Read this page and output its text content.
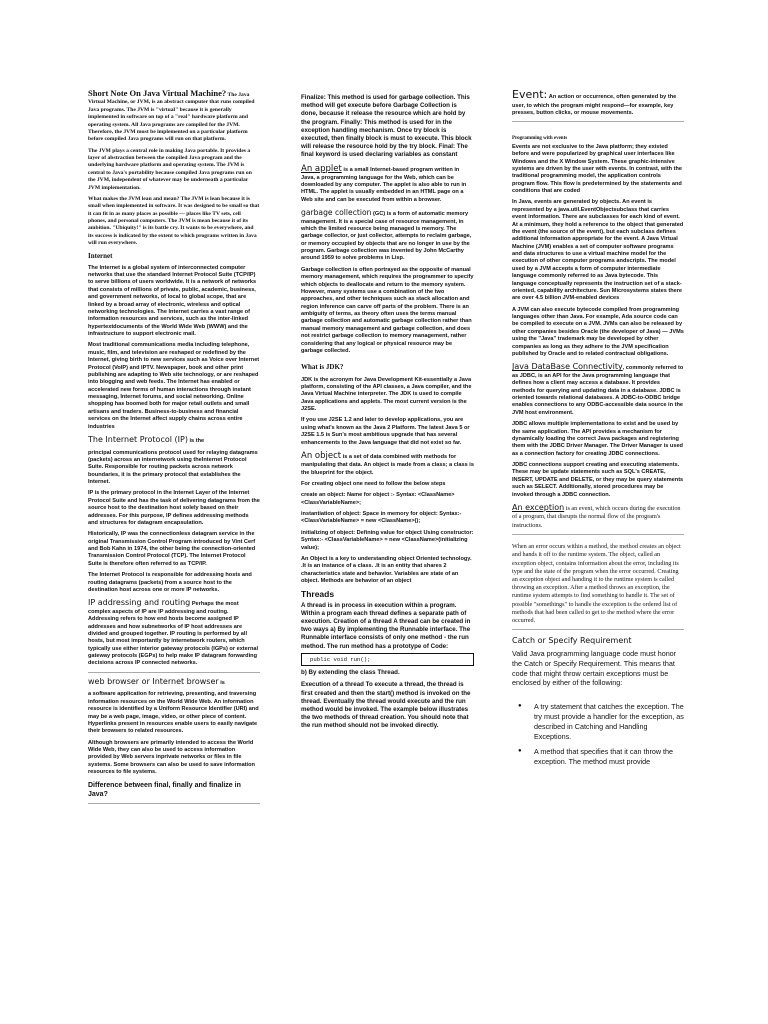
Short Note On Java Virtual Machine? The Java Virtual Machine, or JVM, is an abstract computer that runs compiled Java programs. The JVM is "virtual" because it is generally implemented in software on top of a "real" hardware platform and operating system. All Java programs are compiled for the JVM. Therefore, the JVM must be implemented on a particular platform before compiled Java programs will run on that platform.

The JVM plays a central role in making Java portable. It provides a layer of abstraction between the compiled Java program and the underlying hardware platform and operating system. The JVM is central to Java's portability because compiled Java programs run on the JVM, independent of whatever may be underneath a particular JVM implementation.

What makes the JVM lean and mean? The JVM is lean because it is small when implemented in software. It was designed to be small so that it can fit in as many places as possible — places like TV sets, cell phones, and personal computers. The JVM is mean because it of its ambition. "Ubiquity!" is its battle cry. It wants to be everywhere, and its success is indicated by the extent to which programs written in Java will run everywhere.

Internet

The Internet is a global system of interconnected computer networks that use the standard Internet Protocol Suite (TCP/IP) to serve billions of users worldwide. It is a network of networks that consists of millions of private, public, academic, business, and government networks, of local to global scope, that are linked by a broad array of electronic, wireless and optical networking technologies. The Internet carries a vast range of information resources and services, such as the inter-linked hypertextdocuments of the World Wide Web (WWW) and the infrastructure to support electronic mail.

Most traditional communications media including telephone, music, film, and television are reshaped or redefined by the Internet, giving birth to new services such as Voice over Internet Protocol (VoIP) and IPTV. Newspaper, book and other print publishing are adapting to Web site technology, or are reshaped into blogging and web feeds. The Internet has enabled or accelerated new forms of human interactions through instant messaging, Internet forums, and social networking. Online shopping has boomed both for major retail outlets and small artisans and traders. Business-to-business and financial services on the Internet affect supply chains across entire industries

The Internet Protocol (IP) is the

principal communications protocol used for relaying datagrams (packets) across an internetwork using theInternet Protocol Suite. Responsible for routing packets across network boundaries, it is the primary protocol that establishes the Internet.

IP is the primary protocol in the Internet Layer of the Internet Protocol Suite and has the task of delivering datagrams from the source host to the destination host solely based on their addresses. For this purpose, IP defines addressing methods and structures for datagram encapsulation.

Historically, IP was the connectionless datagram service in the original Transmission Control Program introduced by Vint Cerf and Bob Kahn in 1974, the other being the connection-oriented Transmission Control Protocol (TCP). The Internet Protocol Suite is therefore often referred to as TCP/IP.

The Internet Protocol is responsible for addressing hosts and routing datagrams (packets) from a source host to the destination host across one or more IP networks.

IP addressing and routing Perhaps the most complex aspects of IP are IP addressing and routing. Addressing refers to how end hosts become assigned IP addresses and how subnetworks of IP host addresses are divided and grouped together. IP routing is performed by all hosts, but most importantly by internetwork routers, which typically use either interior gateway protocols (IGPs) or external gateway protocols (EGPs) to help make IP datagram forwarding decisions across IP connected networks.

web browser or Internet browser is

a software application for retrieving, presenting, and traversing information resources on the World Wide Web. An information resource is identified by a Uniform Resource Identifier (URI) and may be a web page, image, video, or other piece of content. Hyperlinks present in resources enable users to easily navigate their browsers to related resources.

Although browsers are primarily intended to access the World Wide Web, they can also be used to access information provided by Web servers inprivate networks or files in file systems. Some browsers can also be used to save information resources to file systems.

Difference between final, finally and finalize in Java?

Finalize: This method is used for garbage collection. This method will get execute before Garbage Collection is done, because it release the resource which are hold by the program. Finally: This method is used for in the exception handling mechanism. Once try block is executed, then finally block is must to execute. This block will release the resource hold by the try block. Final: The final keyword is used declaring variables as constant

An applet is a small Internet-based program written in Java, a programming language for the Web, which can be downloaded by any computer. The applet is also able to run in HTML. The applet is usually embedded in an HTML page on a Web site and can be executed from within a browser.

garbage collection (GC) is a form of automatic memory management. It is a special case of resource management, in which the limited resource being managed is memory. The garbage collector, or just collector, attempts to reclaim garbage, or memory occupied by objects that are no longer in use by the program. Garbage collection was invented by John McCarthy around 1959 to solve problems in Lisp.

Garbage collection is often portrayed as the opposite of manual memory management, which requires the programmer to specify which objects to deallocate and return to the memory system. However, many systems use a combination of the two approaches, and other techniques such as stack allocation and region inference can carve off parts of the problem. There is an ambiguity of terms, as theory often uses the terms manual garbage collection and automatic garbage collection rather than manual memory management and garbage collection, and does not restrict garbage collection to memory management, rather considering that any logical or physical resource may be garbage collected.

What is JDK?

JDK is the acronym for Java Development Kit-essentially a Java platform, consisting of the API classes, a Java compiler, and the Java Virtual Machine interpreter. The JDK is used to compile Java applications and applets. The most current version is the J2SE.

If you use J2SE 1.2 and later to develop applications, you are using what's known as the Java 2 Platform. The latest Java 5 or J2SE 1.5 is Sun's most ambitious upgrade that has several enhancements to the Java language that did not exist so far.

An object is a set of data combined with methods for manipulating that data. An object is made from a class; a class is the blueprint for the object.

For creating object one need to follow the below steps

create an object: Name for object :- Syntax: <ClassName> <ClassVariableName>;

instantiation of object: Space in memory for object: Syntax:- <ClassVariableName> = new <ClassName>();

initializing of object: Defining value for object Using constructor: Syntax:- <ClassVariableName> = new <ClassName>(initializing value);

An Object is a key to understanding object Oriented technology. .It is an instance of a class. .It is an entity that shares 2 characteristics state and behavior. Variables are state of an object. Methods are behavior of an object

Threads

A thread is in process in execution within a program. Within a program each thread defines a separate path of execution. Creation of a thread A thread can be created in two ways a) By implementing the Runnable interface. The Runnable interface consists of only one method - the run method. The run method has a prototype of Code:

public void run();

b) By extending the class Thread.

Execution of a thread To execute a thread, the thread is first created and then the start() method is invoked on the thread. Eventually the thread would execute and the run method would be invoked. The example below illustrates the two methods of thread creation. You should note that the run method should not be invoked directly.

Event: An action or occurrence, often generated by the user, to which the program might respond—for example, key presses, button clicks, or mouse movements.

Programming with events

Events are not exclusive to the Java platform; they existed before and were popularized by graphical user interfaces like Windows and the X Window System. These graphic-intensive systems are driven by the user with events. In contrast, with the traditional programming model, the application controls program flow. This flow is predetermined by the statements and conditions that are coded

In Java, events are generated by objects. An event is represented by a java.util.EventObjectsubclass that carries event information. There are subclasses for each kind of event. At a minimum, they hold a reference to the object that generated the event (the source of the event), but each subclass defines additional information appropriate for the event. A Java Virtual Machine (JVM) enables a set of computer software programs and data structures to use a virtual machine model for the execution of other computer programs andscripts. The model used by a JVM accepts a form of computer intermediate language commonly referred to as Java bytecode. This language conceptually represents the instruction set of a stack-oriented, capability architecture. Sun Microsystems states there are over 4.5 billion JVM-enabled devices

A JVM can also execute bytecode compiled from programming languages other than Java. For example, Ada source code can be compiled to execute on a JVM. JVMs can also be released by other companies besides Oracle (the developer of Java) — JVMs using the "Java" trademark may be developed by other companies as long as they adhere to the JVM specification published by Oracle and to related contractual obligations.

Java DataBase Connectivity, commonly referred to as JDBC, is an API for the Java programming language that defines how a client may access a database. It provides methods for querying and updating data in a database. JDBC is oriented towards relational databases. A JDBC-to-ODBC bridge enables connections to any ODBC-accessible data source in the JVM host environment.

JDBC allows multiple implementations to exist and be used by the same application. The API provides a mechanism for dynamically loading the correct Java packages and registering them with the JDBC Driver Manager. The Driver Manager is used as a connection factory for creating JDBC connections.

JDBC connections support creating and executing statements. These may be update statements such as SQL's CREATE, INSERT, UPDATE and DELETE, or they may be query statements such as SELECT. Additionally, stored procedures may be invoked through a JDBC connection.

An exception is an event, which occurs during the execution of a program, that disrupts the normal flow of the program's instructions.

When an error occurs within a method, the method creates an object and hands it off to the runtime system. The object, called an exception object, contains information about the error, including its type and the state of the program when the error occurred. Creating an exception object and handing it to the runtime system is called throwing an exception. After a method throws an exception, the runtime system attempts to find something to handle it. The set of possible "somethings" to handle the exception is the ordered list of methods that had been called to get to the method where the error occurred.

Catch or Specify Requirement

Valid Java programming language code must honor the Catch or Specify Requirement. This means that code that might throw certain exceptions must be enclosed by either of the following:

● A try statement that catches the exception. The try must provide a handler for the exception, as described in Catching and Handling Exceptions.
● A method that specifies that it can throw the exception. The method must provide
